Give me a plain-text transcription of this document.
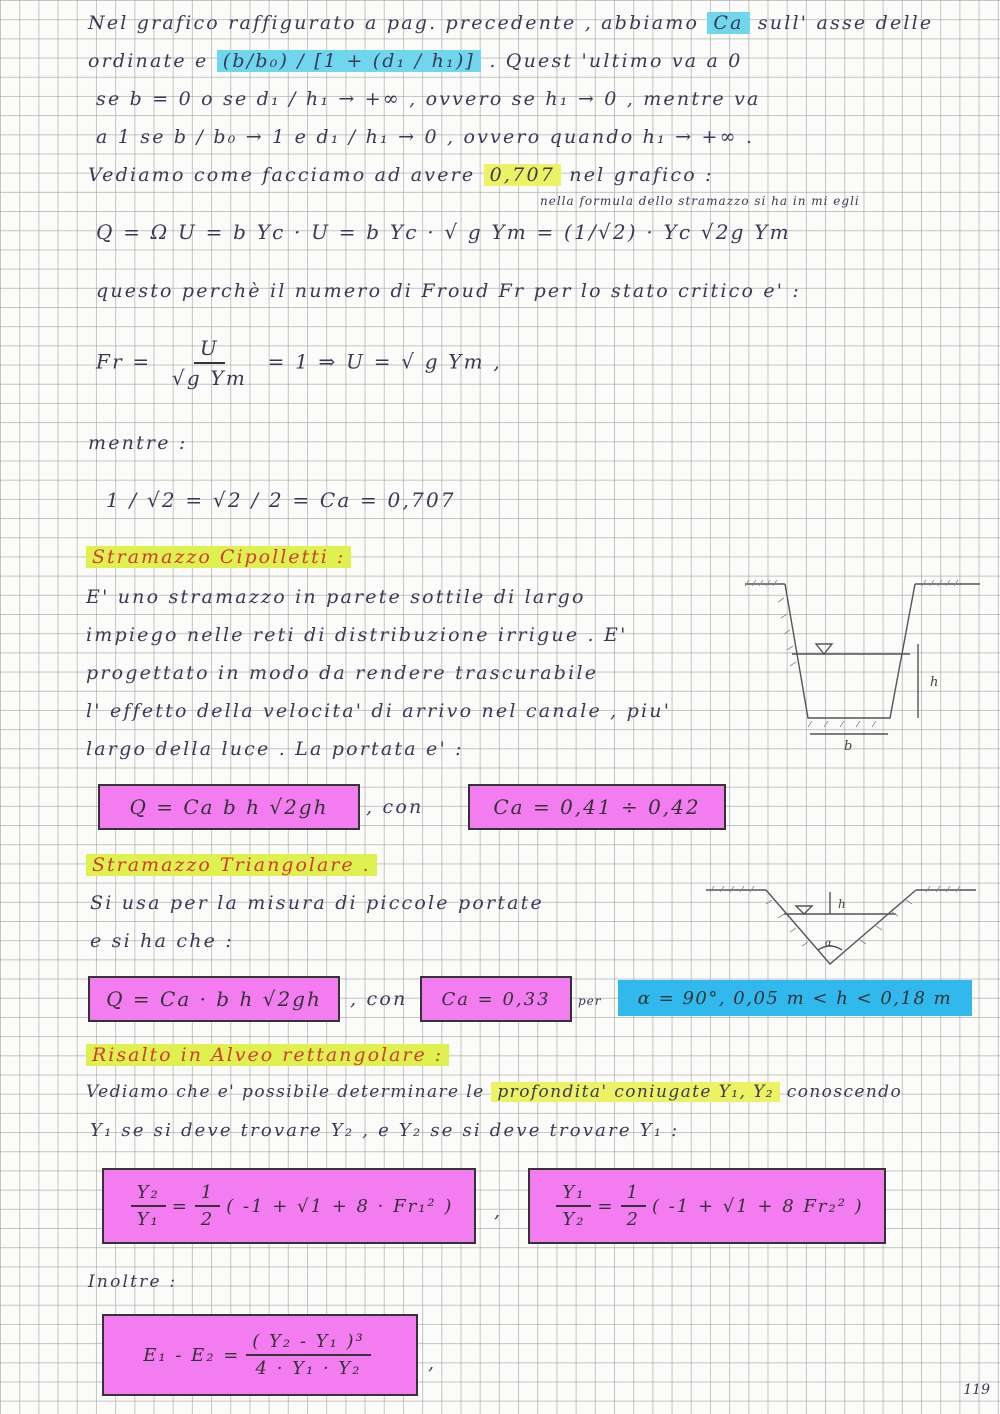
Nel grafico raffigurato a pag. precedente , abbiamo Ca sull' asse delle
ordinate e (b/b₀) / [1 + (d₁ / h₁)] . Quest 'ultimo va a 0
se b = 0 o se d₁ / h₁ → +∞ , ovvero se h₁ → 0 , mentre va
a 1 se b / b₀ → 1 e d₁ / h₁ → 0 , ovvero quando h₁ → +∞ .
Vediamo come facciamo ad avere 0,707 nel grafico :
nella formula dello stramazzo si ha in mi egli
Q = Ω U = b Yc · U = b Yc · √ g Ym = (1/√2) · Yc √2g Ym
questo perchè il numero di Froud Fr per lo stato critico e' :
$Fr = \frac{U}{\text{√g Ym}} = 1$ ⇒ U = √ g Ym ,
mentre :
1 / √2 = √2 / 2 = Ca = 0,707
Stramazzo Cipolletti :
E' uno stramazzo in parete sottile di largo
impiego nelle reti di distribuzione irrigue . E'
progettato in modo da rendere trascurabile
l' effetto della velocita' di arrivo nel canale , piu'
largo della luce . La portata e' :
h
b
Q = Ca b h √2gh	, con	Ca = 0,41 ÷ 0,42
Stramazzo Triangolare .
Si usa per la misura di piccole portate
e si ha che :
h
α
Q = Ca · b h √2gh	, con	Ca = 0,33	per	α = 90°, 0,05 m < h < 0,18 m
Risalto in Alveo rettangolare :
Vediamo che e' possibile determinare le profondita' coniugate Y₁, Y₂ conoscendo
Y₁ se si deve trovare Y₂ , e Y₂ se si deve trovare Y₁ :
$\frac{\text{Y₂}}{\text{Y₁}} = \frac{1}{2}$ ( -1 + √1 + 8 · Fr₁² ) ,	$\frac{\text{Y₁}}{\text{Y₂}} = \frac{1}{2}$ ( -1 + √1 + 8 Fr₂² )
Inoltre :
$E_1 - E_2 = \frac{\text{( Y₂ - Y₁ )³}}{\text{4 · Y₁ · Y₂}}$	,
119
